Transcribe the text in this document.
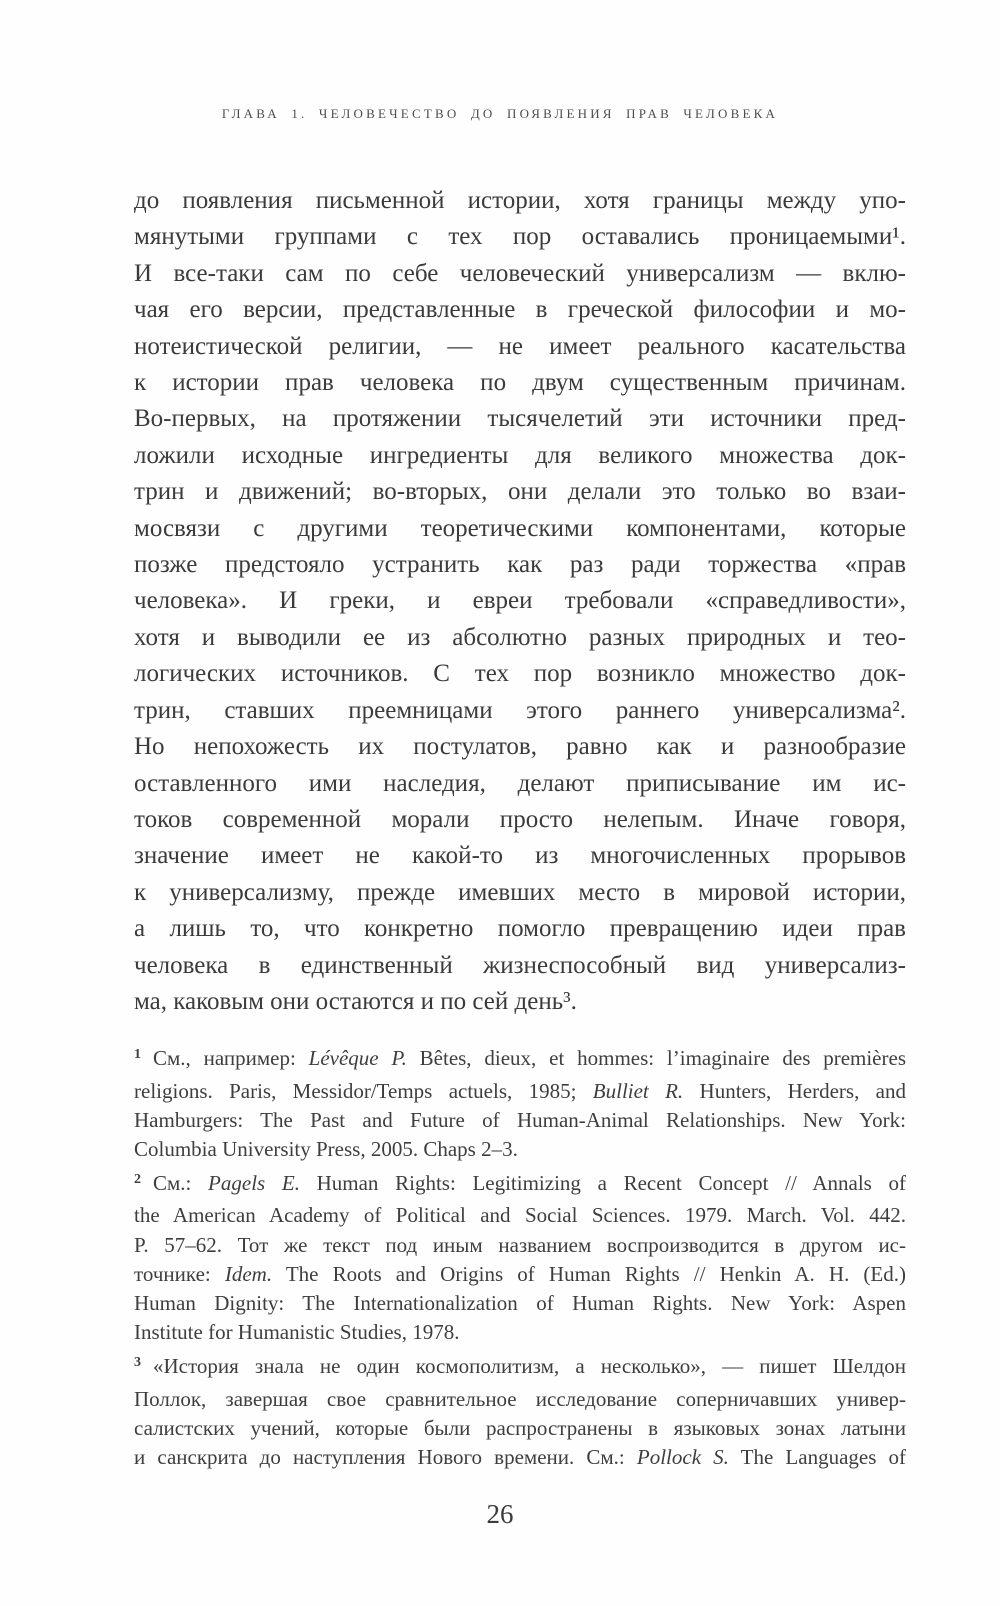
ГЛАВА 1. ЧЕЛОВЕЧЕСТВО ДО ПОЯВЛЕНИЯ ПРАВ ЧЕЛОВЕКА
до появления письменной истории, хотя границы между упо-
мянутыми группами с тех пор оставались проницаемыми¹.
И все-таки сам по себе человеческий универсализм — вклю-
чая его версии, представленные в греческой философии и мо-
нотеистической религии, — не имеет реального касательства
к истории прав человека по двум существенным причинам.
Во-первых, на протяжении тысячелетий эти источники пред-
ложили исходные ингредиенты для великого множества док-
трин и движений; во-вторых, они делали это только во взаи-
мосвязи с другими теоретическими компонентами, которые
позже предстояло устранить как раз ради торжества «прав
человека». И греки, и евреи требовали «справедливости»,
хотя и выводили ее из абсолютно разных природных и тео-
логических источников. С тех пор возникло множество док-
трин, ставших преемницами этого раннего универсализма².
Но непохожесть их постулатов, равно как и разнообразие
оставленного ими наследия, делают приписывание им ис-
токов современной морали просто нелепым. Иначе говоря,
значение имеет не какой-то из многочисленных прорывов
к универсализму, прежде имевших место в мировой истории,
а лишь то, что конкретно помогло превращению идеи прав
человека в единственный жизнеспособный вид универсализ-
ма, каковым они остаются и по сей день³.
$^1$ См., например: Lévêque P. Bêtes, dieux, et hommes: l’imaginaire des premières
religions. Paris, Messidor/Temps actuels, 1985; Bulliet R. Hunters, Herders, and
Hamburgers: The Past and Future of Human-Animal Relationships. New York:
Columbia University Press, 2005. Chaps 2–3.
$^2$ См.: Pagels E. Human Rights: Legitimizing a Recent Concept // Annals of
the American Academy of Political and Social Sciences. 1979. March. Vol. 442.
P. 57–62. Тот же текст под иным названием воспроизводится в другом ис-
точнике: Idem. The Roots and Origins of Human Rights // Henkin A. H. (Ed.)
Human Dignity: The Internationalization of Human Rights. New York: Aspen
Institute for Humanistic Studies, 1978.
$^3$ «История знала не один космополитизм, а несколько», — пишет Шелдон
Поллок, завершая свое сравнительное исследование соперничавших универ-
салистских учений, которые были распространены в языковых зонах латыни
и санскрита до наступления Нового времени. См.: Pollock S. The Languages of
26
